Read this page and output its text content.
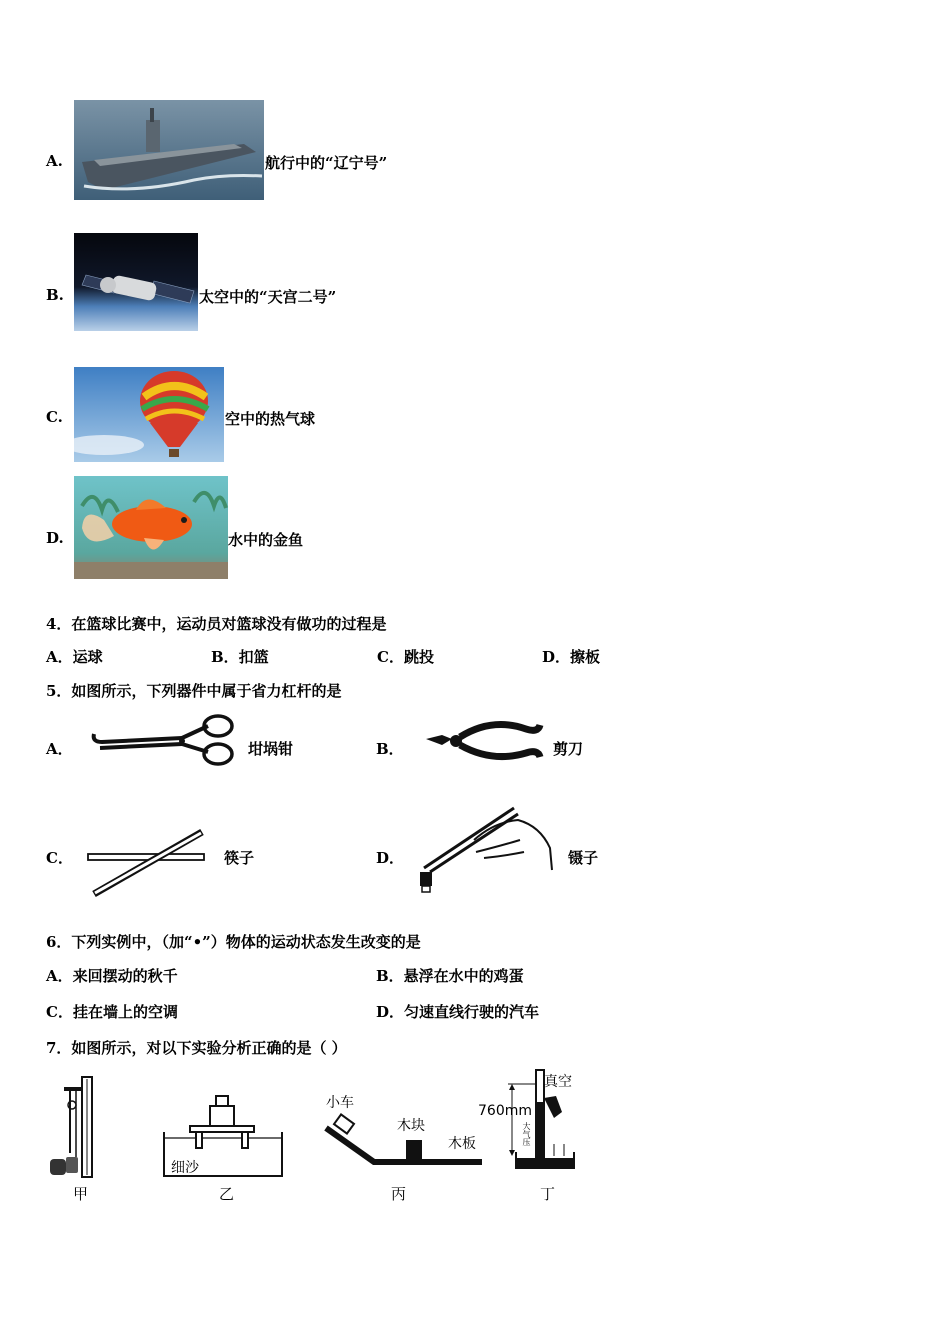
A.	航行中的“辽宁号”
B.	太空中的“天宫二号”
C.	空中的热气球
D.	水中的金鱼
4．在篮球比赛中，运动员对篮球没有做功的过程是
A．运球	B．扣篮	C．跳投	D．擦板
5．如图所示，下列器件中属于省力杠杆的是
A．	坩埚钳	B．	剪刀
C．	筷子	D．	镊子
6．下列实例中，（加“•”）物体的运动状态发生改变的是
A．来回摆动的秋千	B．悬浮在水中的鸡蛋
C．挂在墙上的空调	D．匀速直线行驶的汽车
7．如图所示，对以下实验分析正确的是（ ）
甲
细沙
乙
小车
木块
木板
丙
真空
760mm
大气压
丁
